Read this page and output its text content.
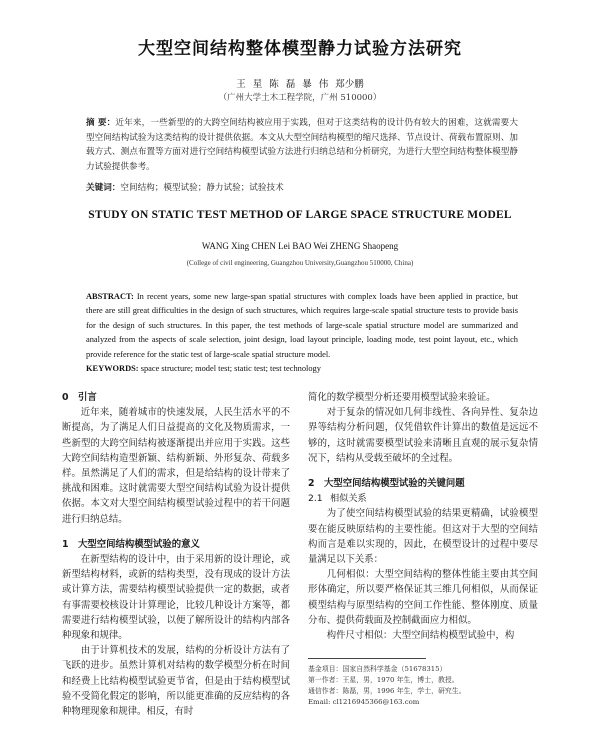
大型空间结构整体模型静力试验方法研究
王 星 陈 磊 暴 伟 郑少鹏
（广州大学土木工程学院，广州 510000）
摘 要：近年来，一些新型的的大跨空间结构被应用于实践，但对于这类结构的设计仍有较大的困难，这就需要大型空间结构试验为这类结构的设计提供依据。本文从大型空间结构模型的缩尺选择、节点设计、荷载布置原则、加载方式、测点布置等方面对进行空间结构模型试验方法进行归纳总结和分析研究，为进行大型空间结构整体模型静力试验提供参考。
关键词：空间结构；模型试验；静力试验；试验技术
STUDY ON STATIC TEST METHOD OF LARGE SPACE STRUCTURE MODEL
WANG Xing CHEN Lei BAO Wei ZHENG Shaopeng
(College of civil engineering, Guangzhou University,Guangzhou 510000, China)
ABSTRACT: In recent years, some new large-span spatial structures with complex loads have been applied in practice, but there are still great difficulties in the design of such structures, which requires large-scale spatial structure tests to provide basis for the design of such structures. In this paper, the test methods of large-scale spatial structure model are summarized and analyzed from the aspects of scale selection, joint design, load layout principle, loading mode, test point layout, etc., which provide reference for the static test of large-scale spatial structure model.
KEYWORDS: space structure; model test; static test; test technology

0 引言

近年来，随着城市的快速发展，人民生活水平的不断提高，为了满足人们日益提高的文化及物质需求，一些新型的大跨空间结构被逐渐提出并应用于实践。这些大跨空间结构造型新颖、结构新颖、外形复杂、荷载多样。虽然满足了人们的需求，但是给结构的设计带来了挑战和困难。这时就需要大型空间结构试验为设计提供依据。本文对大型空间结构模型试验过程中的若干问题进行归纳总结。

1 大型空间结构模型试验的意义

在新型结构的设计中，由于采用新的设计理论，或新型结构材料，或新的结构类型，没有现成的设计方法或计算方法，需要结构模型试验提供一定的数据，或者有事需要校核设计计算理论，比较几种设计方案等，都需要进行结构模型试验，以便了解所设计的结构内部各种现象和规律。

由于计算机技术的发展，结构的分析设计方法有了飞跃的进步。虽然计算机对结构的数学模型分析在时间和经费上比结构模型试验更节省，但是由于结构模型试验不受简化假定的影响，所以能更准确的反应结构的各种物理现象和规律。相反，有时

简化的数学模型分析还要用模型试验来验证。

对于复杂的情况如几何非线性、各向异性、复杂边界等结构分析问题，仅凭借软件计算出的数值是远远不够的，这时就需要模型试验来清晰且直观的展示复杂情况下，结构从受载至破坏的全过程。

2 大型空间结构模型试验的关键问题

2.1 相似关系

为了使空间结构模型试验的结果更精确，试验模型要在能反映原结构的主要性能。但这对于大型的空间结构而言是难以实现的，因此，在模型设计的过程中要尽量满足以下关系：

几何相似：大型空间结构的整体性能主要由其空间形体确定，所以要严格保证其三维几何相似，从而保证模型结构与原型结构的空间工作性能、整体刚度、质量分布、提供荷载面及控制截面应力相似。

构件尺寸相似：大型空间结构模型试验中，构

基金项目：国家自然科学基金（51678315）

第一作者：王星，男，1970 年生，博士，教授。

通信作者：陈磊，男，1996 年生，学士，研究生。

Email: cl1216945366@163.com
